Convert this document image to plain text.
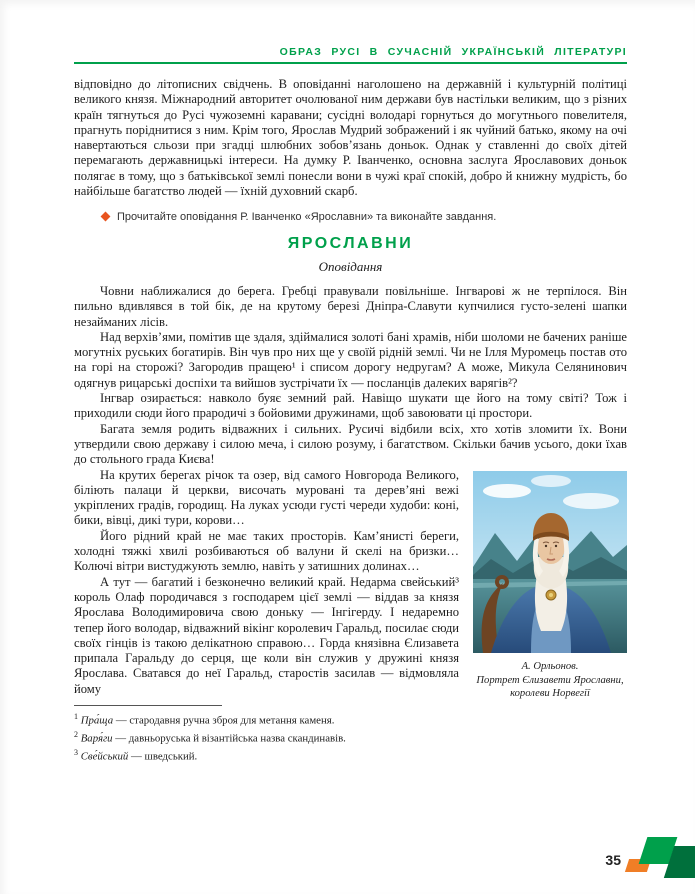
ОБРАЗ РУСІ В СУЧАСНІЙ УКРАЇНСЬКІЙ ЛІТЕРАТУРІ

відповідно до літописних свідчень. В оповіданні наголошено на державній і культурній політиці великого князя. Міжнародний авторитет очолюваної ним держави був настільки великим, що з різних країн тягнуться до Русі чужоземні каравани; сусідні володарі горнуться до могутнього повелителя, прагнуть поріднитися з ним. Крім того, Ярослав Мудрий зображений і як чуйний батько, якому на очі навертаються сльози при згадці шлюбних зобов’язань доньок. Однак у ставленні до своїх дітей перемагають державницькі інтереси. На думку Р. Іванченко, основна заслуга Ярославових доньок полягає в тому, що з батьківської землі понесли вони в чужі краї спокій, добро й книжну мудрість, бо найбільше багатство людей — їхній духовний скарб.

Прочитайте оповідання Р. Іванченко «Ярославни» та виконайте завдання.
ЯРОСЛАВНИ
Оповідання

Човни наближалися до берега. Гребці правували повільніше. Інгварові ж не терпілося. Він пильно вдивлявся в той бік, де на крутому березі Дніпра-Славути купчилися густо-зелені шапки незайманих лісів.

Над верхів’ями, помітив ще здаля, здіймалися золоті бані храмів, ніби шоломи не бачених раніше могутніх руських богатирів. Він чув про них ще у своїй рідній землі. Чи не Ілля Муромець постав ото на горі на сторожі? Загородив пращею¹ і списом дорогу недругам? А може, Микула Селянинович одягнув рицарські доспіхи та вийшов зустрічати їх — посланців далеких варягів²?

Інгвар озирається: навколо буяє земний рай. Навіщо шукати ще його на тому світі? Тож і приходили сюди його прародичі з бойовими дружинами, щоб завоювати ці простори.

Багата земля родить відважних і сильних. Русичі відбили всіх, хто хотів зломити їх. Вони утвердили свою державу і силою меча, і силою розуму, і багатством. Скільки бачив усього, доки їхав до стольного града Києва!

А. Орльонов.
Портрет Єлизавети Ярославни, королеви Норвегії

На крутих берегах річок та озер, від самого Новгорода Великого, біліють палаци й церкви, височать муровані та дерев’яні вежі укріплених градів, городищ. На луках усюди густі череди худоби: коні, бики, вівці, дикі тури, корови…

Його рідний край не має таких просторів. Кам’янисті береги, холодні тяжкі хвилі розбиваються об валуни й скелі на бризки… Колючі вітри вистуджують землю, навіть у затишних долинах…

А тут — багатий і безконечно великий край. Недарма свейський³ король Олаф породичався з господарем цієї землі — віддав за князя Ярослава Володимировича свою доньку — Інгігерду. І недаремно тепер його володар, відважний вікінг королевич Гаральд, посилає сюди своїх гінців із такою делікатною справою… Горда князівна Єлизавета припала Гаральду до серця, ще коли він служив у дружині князя Ярослава. Сватався до неї Гаральд, старостів засилав — відмовляла йому

$^1$ Пра́ща — стародавня ручна зброя для метання каменя.
$^2$ Варя́ги — давньоруська й візантійська назва скандинавів.
$^3$ Све́йський — шведський.
35
